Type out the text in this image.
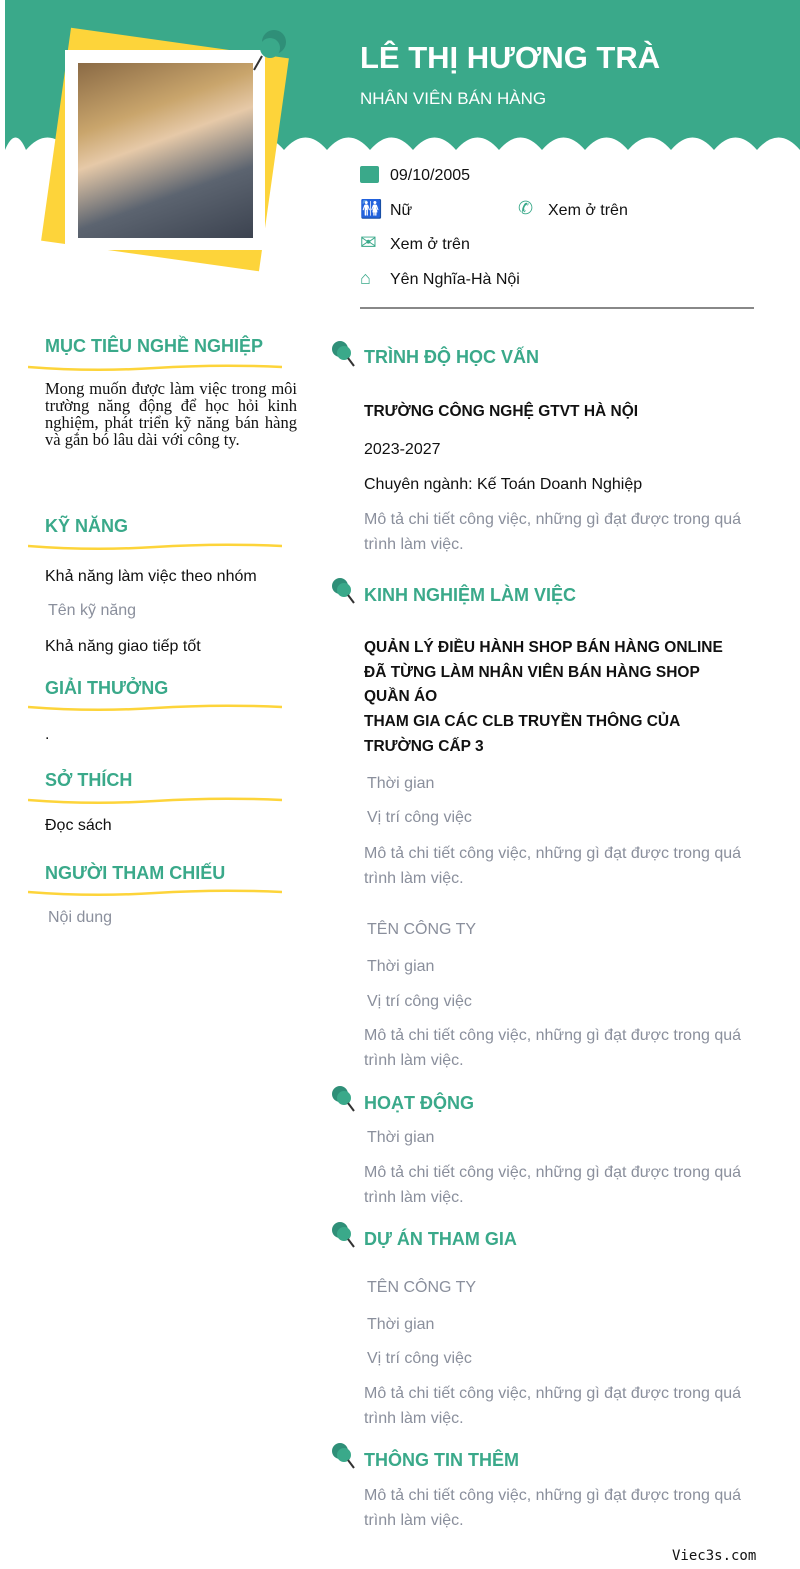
LÊ THỊ HƯƠNG TRÀ
NHÂN VIÊN BÁN HÀNG
09/10/2005
🚻 Nữ	✆ Xem ở trên
✉ Xem ở trên
⌂ Yên Nghĩa-Hà Nội
MỤC TIÊU NGHỀ NGHIỆP
Mong muốn được làm việc trong môi trường năng động để học hỏi kinh nghiệm, phát triển kỹ năng bán hàng và gắn bó lâu dài với công ty.
KỸ NĂNG
Khả năng làm việc theo nhóm
Tên kỹ năng
Khả năng giao tiếp tốt
GIẢI THƯỞNG
.
SỞ THÍCH
Đọc sách
NGƯỜI THAM CHIẾU
Nội dung
TRÌNH ĐỘ HỌC VẤN
TRƯỜNG CÔNG NGHỆ GTVT HÀ NỘI
2023-2027
Chuyên ngành: Kế Toán Doanh Nghiệp
Mô tả chi tiết công việc, những gì đạt được trong quá trình làm việc.
KINH NGHIỆM LÀM VIỆC
QUẢN LÝ ĐIỀU HÀNH SHOP BÁN HÀNG ONLINE
ĐÃ TỪNG LÀM NHÂN VIÊN BÁN HÀNG SHOP
QUẦN ÁO
THAM GIA CÁC CLB TRUYỀN THÔNG CỦA
TRƯỜNG CẤP 3
Thời gian
Vị trí công việc
Mô tả chi tiết công việc, những gì đạt được trong quá trình làm việc.
TÊN CÔNG TY
Thời gian
Vị trí công việc
Mô tả chi tiết công việc, những gì đạt được trong quá trình làm việc.
HOẠT ĐỘNG
Thời gian
Mô tả chi tiết công việc, những gì đạt được trong quá trình làm việc.
DỰ ÁN THAM GIA
TÊN CÔNG TY
Thời gian
Vị trí công việc
Mô tả chi tiết công việc, những gì đạt được trong quá trình làm việc.
THÔNG TIN THÊM
Mô tả chi tiết công việc, những gì đạt được trong quá trình làm việc.
Viec3s.com
